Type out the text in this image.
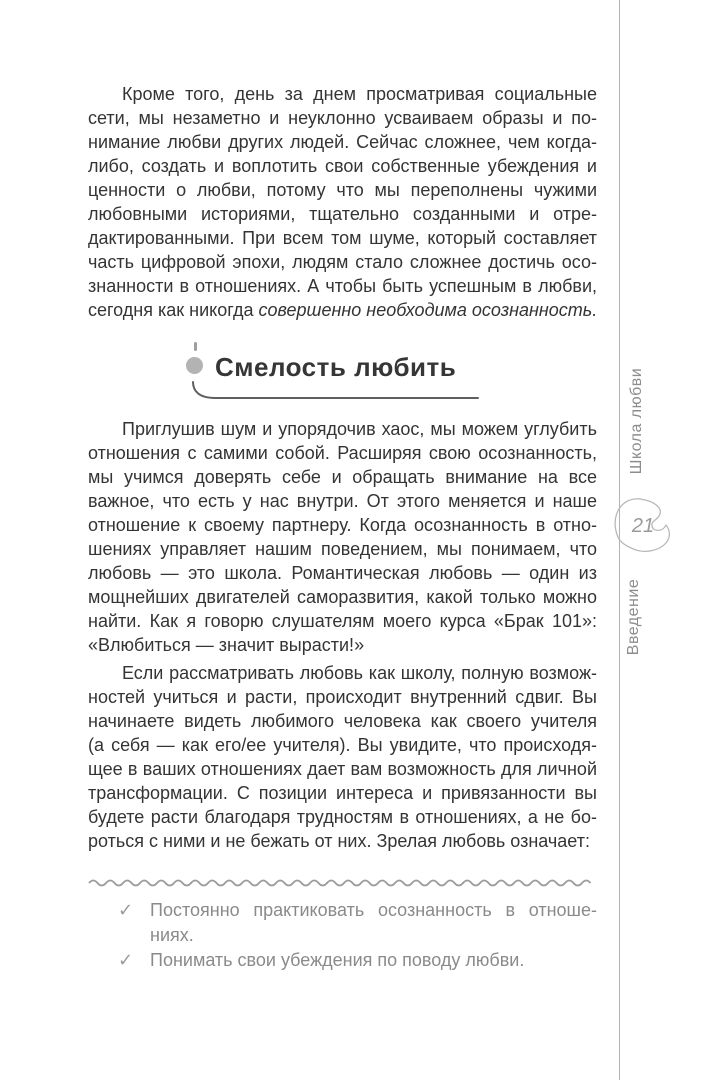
Кроме того, день за днем просматривая социальные
сети, мы незаметно и неуклонно усваиваем образы и по-
нимание любви других людей. Сейчас сложнее, чем когда-
либо, создать и воплотить свои собственные убеждения и
ценности о любви, потому что мы переполнены чужими
любовными историями, тщательно созданными и отре-
дактированными. При всем том шуме, который составляет
часть цифровой эпохи, людям стало сложнее достичь осо-
знанности в отношениях. А чтобы быть успешным в любви,
сегодня как никогда совершенно необходима осознанность.
Смелость любить
Приглушив шум и упорядочив хаос, мы можем углубить
отношения с самими собой. Расширяя свою осознанность,
мы учимся доверять себе и обращать внимание на все
важное, что есть у нас внутри. От этого меняется и наше
отношение к своему партнеру. Когда осознанность в отно-
шениях управляет нашим поведением, мы понимаем, что
любовь — это школа. Романтическая любовь — один из
мощнейших двигателей саморазвития, какой только можно
найти. Как я говорю слушателям моего курса «Брак 101»:
«Влюбиться — значит вырасти!»
Если рассматривать любовь как школу, полную возмож-
ностей учиться и расти, происходит внутренний сдвиг. Вы
начинаете видеть любимого человека как своего учителя
(а себя — как его/ее учителя). Вы увидите, что происходя-
щее в ваших отношениях дает вам возможность для личной
трансформации. С позиции интереса и привязанности вы
будете расти благодаря трудностям в отношениях, а не бо-
роться с ними и не бежать от них. Зрелая любовь означает:
✓ Постоянно практиковать осознанность в отноше-
ниях.
✓ Понимать свои убеждения по поводу любви.
Школа любви
21
Введение
